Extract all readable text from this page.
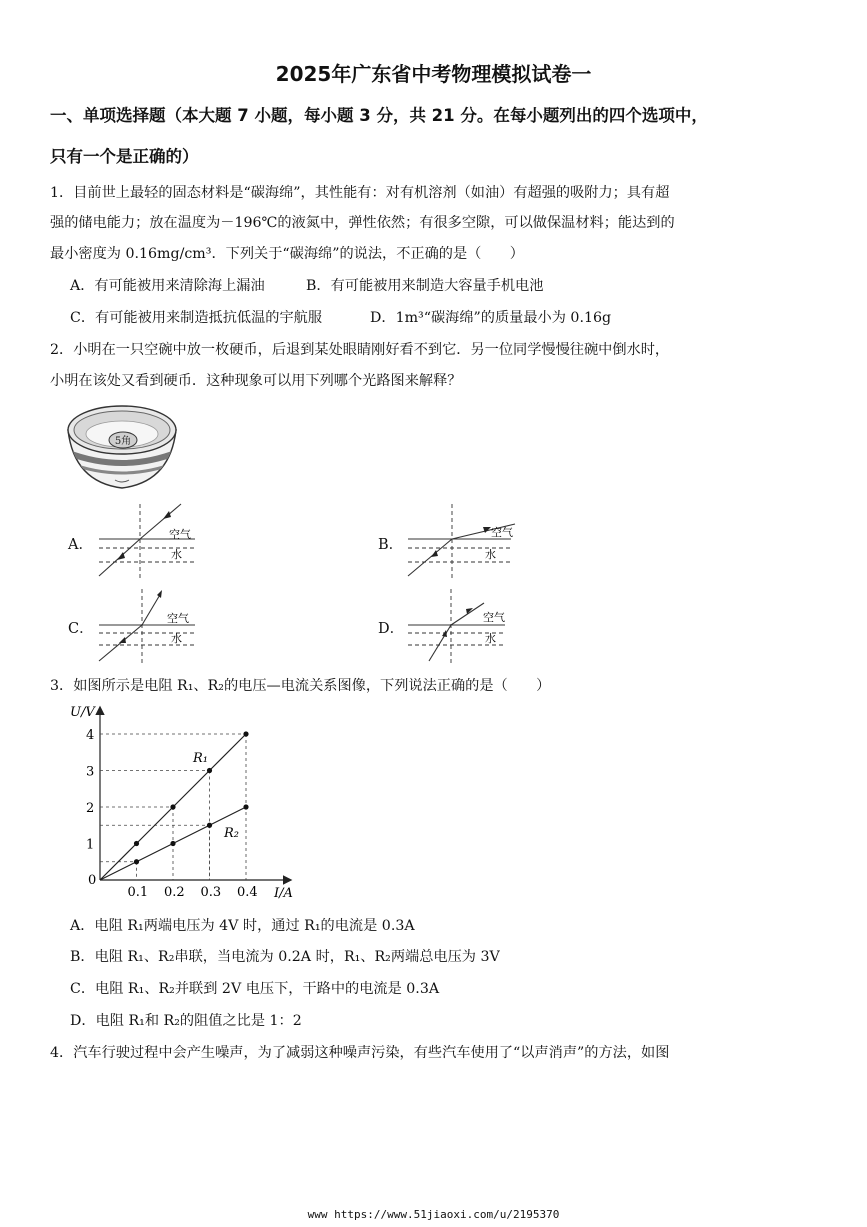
2025年广东省中考物理模拟试卷一
一、单项选择题（本大题 7 小题，每小题 3 分，共 21 分。在每小题列出的四个选项中，
只有一个是正确的）
1．目前世上最轻的固态材料是“碳海绵”，其性能有：对有机溶剂（如油）有超强的吸附力；具有超
强的储电能力；放在温度为－196℃的液氮中，弹性依然；有很多空隙，可以做保温材料；能达到的
最小密度为 0.16mg/cm³．下列关于“碳海绵”的说法，不正确的是（　　）
A．有可能被用来清除海上漏油	B．有可能被用来制造大容量手机电池
C．有可能被用来制造抵抗低温的宇航服	D．1m³“碳海绵”的质量最小为 0.16g
2．小明在一只空碗中放一枚硬币，后退到某处眼睛刚好看不到它．另一位同学慢慢往碗中倒水时，
小明在该处又看到硬币．这种现象可以用下列哪个光路图来解释？
5角
A．
空气
水
B．
空气
水
C．
空气
水
D．
空气
水
3．如图所示是电阻 R₁、R₂的电压—电流关系图像，下列说法正确的是（　　）
U/V
I/A
0
0.1 0.2 0.3 0.4
1
2
3
4
R₁
R₂
A．电阻 R₁两端电压为 4V 时，通过 R₁的电流是 0.3A
B．电阻 R₁、R₂串联，当电流为 0.2A 时，R₁、R₂两端总电压为 3V
C．电阻 R₁、R₂并联到 2V 电压下，干路中的电流是 0.3A
D．电阻 R₁和 R₂的阻值之比是 1：2
4．汽车行驶过程中会产生噪声，为了减弱这种噪声污染，有些汽车使用了“以声消声”的方法，如图
www https://www.51jiaoxi.com/u/2195370
